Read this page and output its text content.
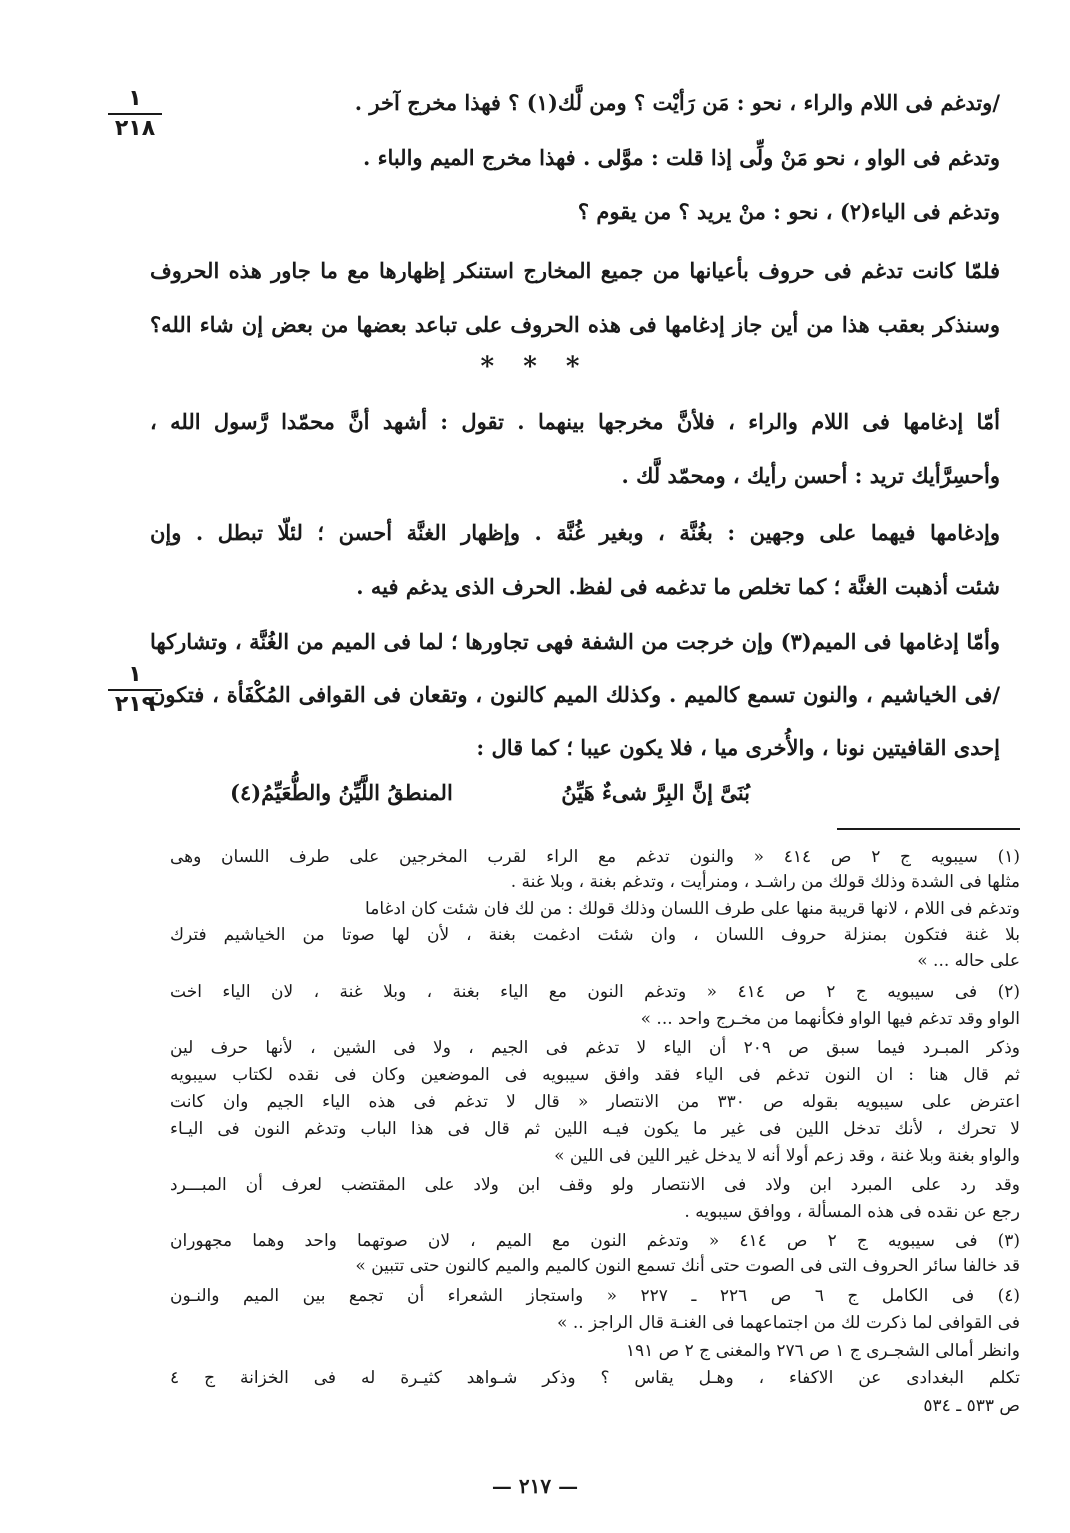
١
٢١٨
١
٢١٩
/وتدغم فى اللام والراء ، نحو : مَن رَأيْت ؟ ومن لَّك(١) ؟ فهذا مخرج آخر .
وتدغم فى الواو ، نحو مَنْ ولِّى إذا قلت : موَّلى . فهذا مخرج الميم والباء .
وتدغم فى الياء(٢) ، نحو : منْ يريد ؟ من يقوم ؟
فلمّا كانت تدغم فى حروف بأعيانها من جميع المخارج استنكر إظهارها مع ما جاور هذه الحروف
وسنذكر بعقب هذا من أين جاز إدغامها فى هذه الحروف على تباعد بعضها من بعض إن شاء الله؟
* * *
أمّا إدغامها فى اللام والراء ، فلأنَّ مخرجها بينهما . تقول : أشهد أنَّ محمّدا رَّسول الله ،
وأحسِرَّأيك تريد : أحسن رأيك ، ومحمّد لَّك .
وإدغامها فيهما على وجهين : بغُنَّة ، وبغير غُنَّة . وإظهار الغنَّة أحسن ؛ لئلّا تبطل . وإن
شئت أذهبت الغنَّة ؛ كما تخلص ما تدغمه فى لفظ. الحرف الذى يدغم فيه .
وأمّا إدغامها فى الميم(٣) وإن خرجت من الشفة فهى تجاورها ؛ لما فى الميم من الغُنَّة ، وتشاركها
/فى الخياشيم ، والنون تسمع كالميم . وكذلك الميم كالنون ، وتقعان فى القوافى المُكْفَأة ، فتكون
إحدى القافيتين نونا ، والأُخرى ميا ، فلا يكون عيبا ؛ كما قال :
بُنَىَّ إنَّ البِرَّ شىءٌ هَيِّنُ
المنطقُ اللَّيِّنُ والطُّعَيِّمُ(٤)
(١) سيبويه ج ٢ ص ٤١٤ « والنون تدغم مع الراء لقرب المخرجين على طرف اللسان وهى
مثلها فى الشدة وذلك قولك من راشـد ، ومنرأيت ، وتدغم بغنة ، وبلا غنة .
وتدغم فى اللام ، لانها قريبة منها على طرف اللسان وذلك قولك : من لك فان شئت كان ادغاما
بلا غنة فتكون بمنزلة حروف اللسان ، وان شئت ادغمت بغنة ، لأن لها صوتا من الخياشيم فترك
على حاله ... »
(٢) فى سيبويه ج ٢ ص ٤١٤ « وتدغم النون مع الياء بغنة ، وبلا غنة ، لان الياء اخت
الواو وقد تدغم فيها الواو فكأنهما من مخـرج واحد ... »
وذكر المبـرد فيما سبق ص ٢٠٩ أن الياء لا تدغم فى الجيم ، ولا فى الشين ، لأنها حرف لين
ثم قال هنا : ان النون تدغم فى الياء فقد وافق سيبويه فى الموضعين وكان فى نقده لكتاب سيبويه
اعترض على سيبويه بقوله ص ٣٣٠ من الانتصار « قال لا تدغم فى هذه الياء الجيم وان كانت
لا تحرك ، لأنك تدخل اللين فى غير ما يكون فيـه اللين ثم قال فى هذا الباب وتدغم النون فى اليـاء
والواو بغنة وبلا غنة ، وقد زعم أولا أنه لا يدخل غير اللين فى اللين »
وقد رد على المبرد ابن ولاد فى الانتصار ولو وقف ابن ولاد على المقتضب لعرف أن المبـــرد
رجع عن نقده فى هذه المسألة ، ووافق سيبويه .
(٣) فى سيبويه ج ٢ ص ٤١٤ « وتدغم النون مع الميم ، لان صوتهما واحد وهما مجهوران
قد خالفا سائر الحروف التى فى الصوت حتى أنك تسمع النون كالميم والميم كالنون حتى تتبين »
(٤) فى الكامل ج ٦ ص ٢٢٦ ـ ٢٢٧ « واستجاز الشعراء أن تجمع بين الميم والنـون
فى القوافى لما ذكرت لك من اجتماعهما فى الغنـة قال الراجز .. »
وانظر أمالى الشجـرى ج ١ ص ٢٧٦ والمغنى ج ٢ ص ١٩١
تكلم البغدادى عن الاكفاء ، وهـل يقاس ؟ وذكر شـواهد كثيـرة له فى الخزانة ج ٤
ص ٥٣٣ ـ ٥٣٤
— ٢١٧ —
